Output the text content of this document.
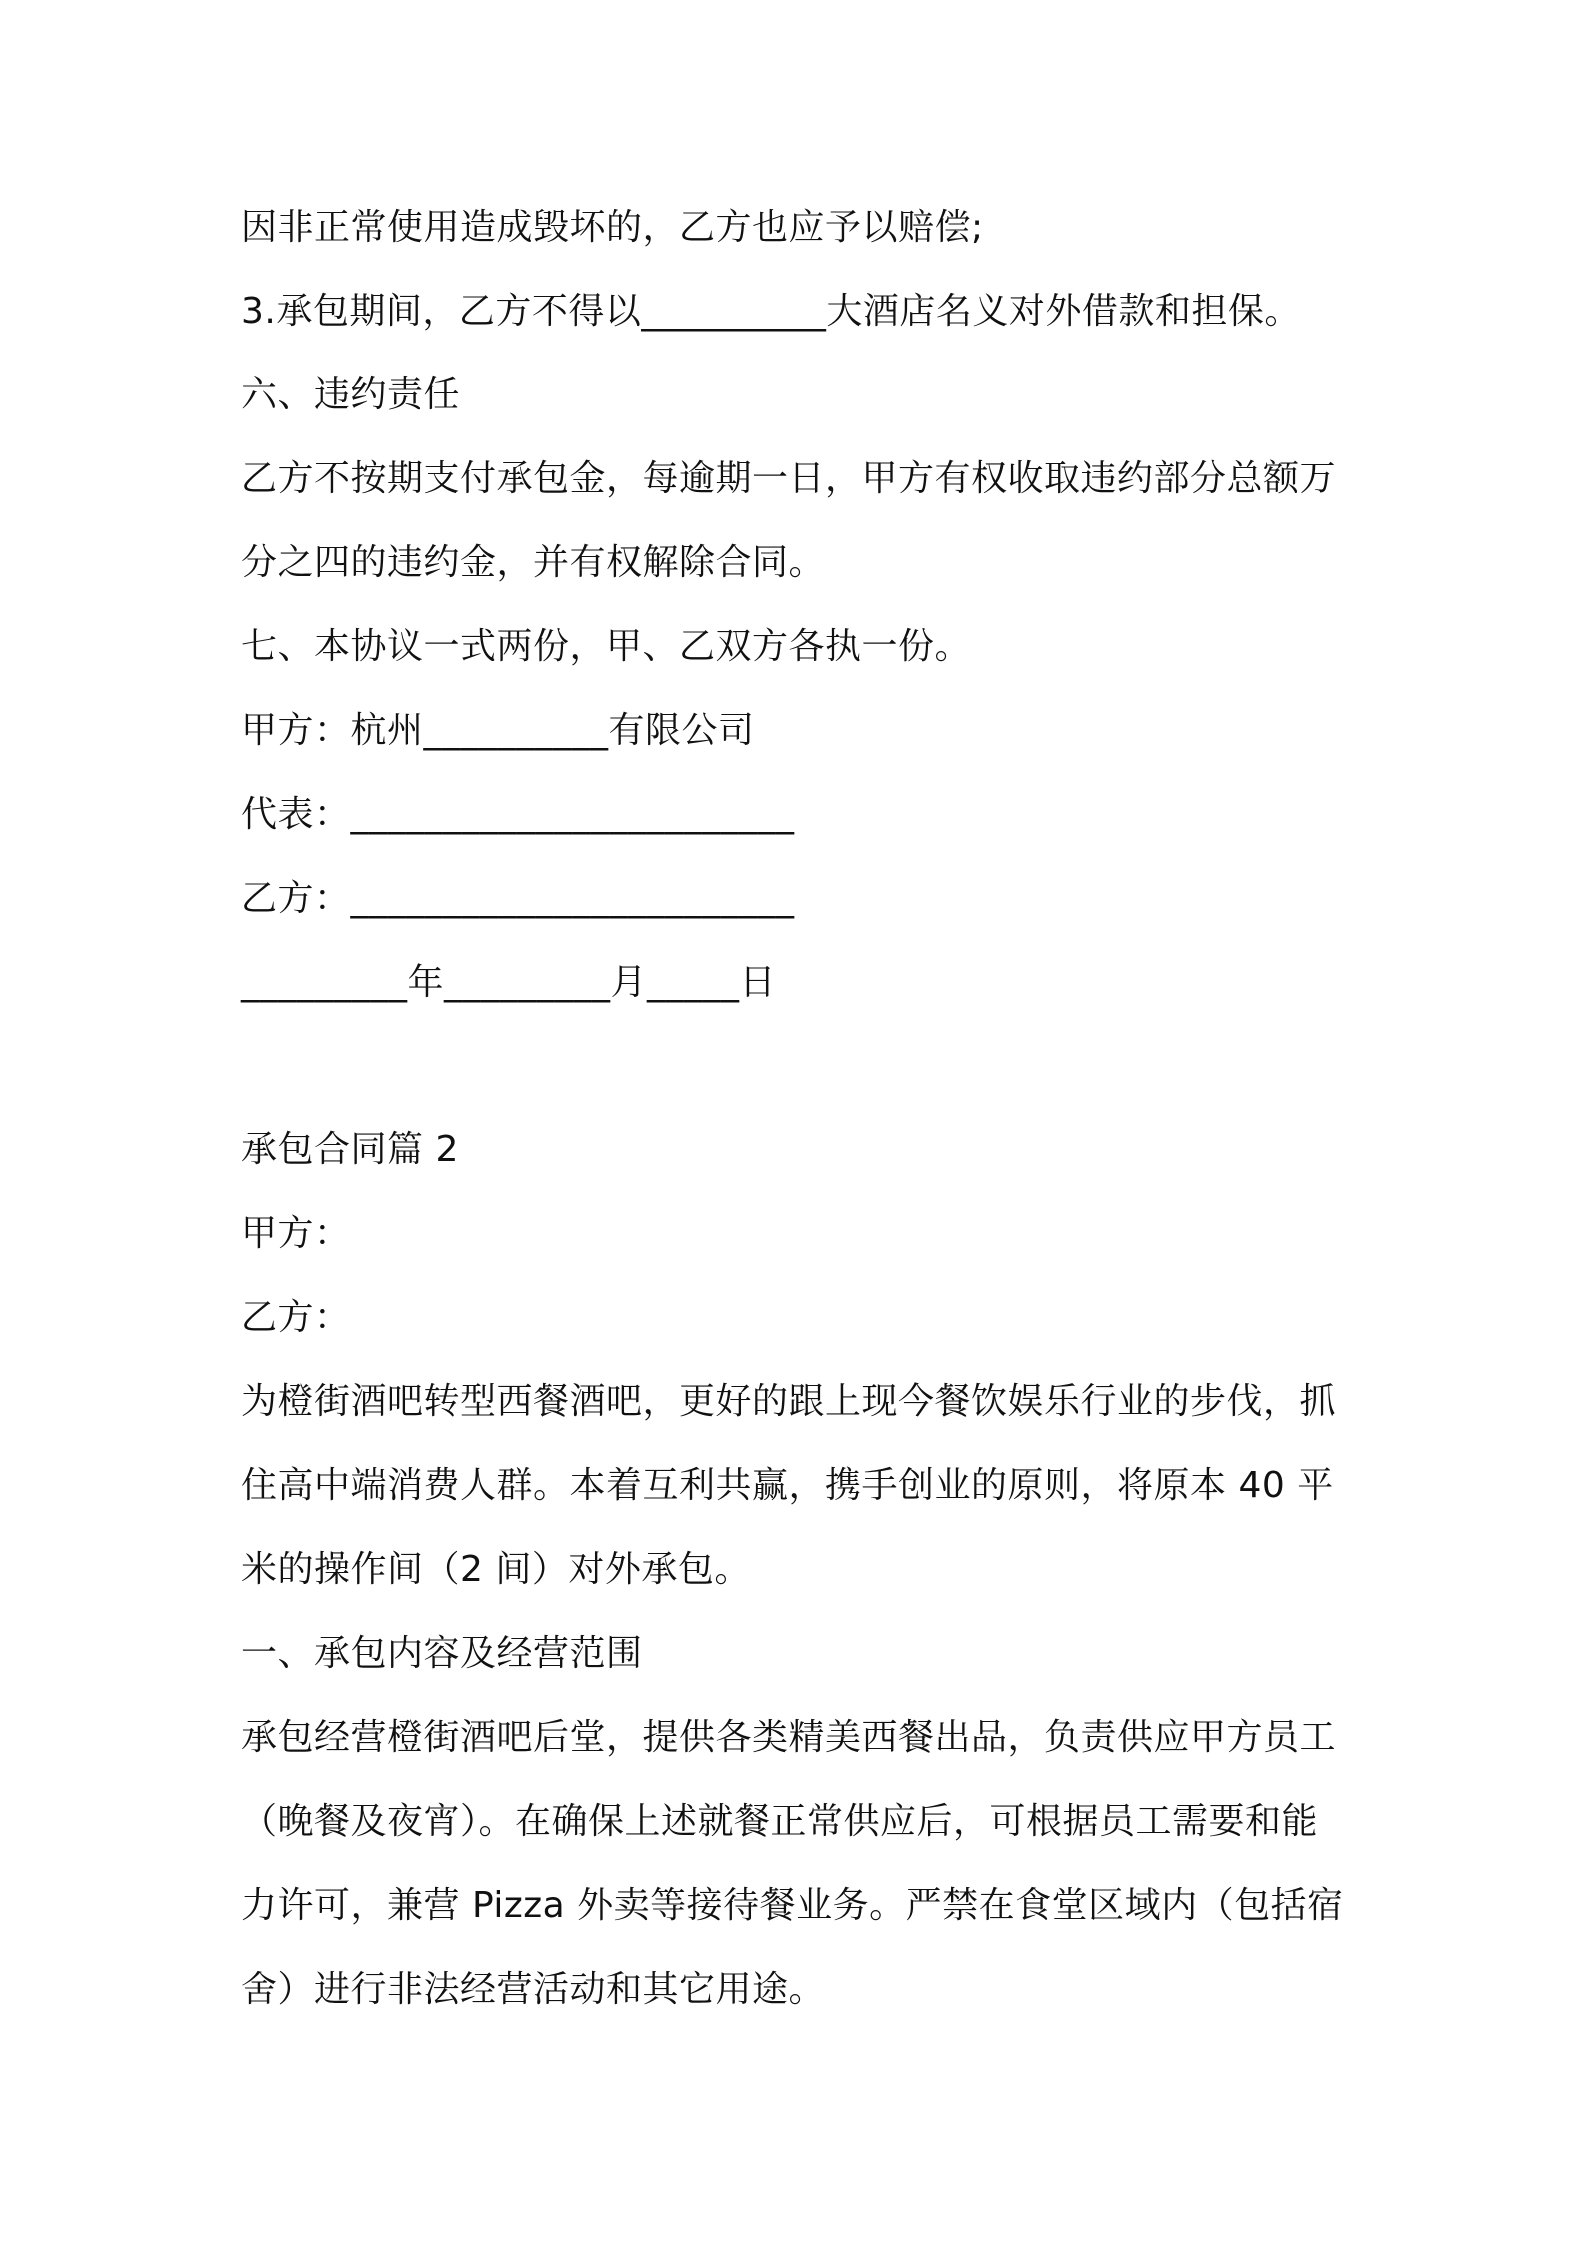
因非正常使用造成毁坏的，乙方也应予以赔偿;
3.承包期间，乙方不得以__________大酒店名义对外借款和担保。
六、违约责任
乙方不按期支付承包金，每逾期一日，甲方有权收取违约部分总额万
分之四的违约金，并有权解除合同。
七、本协议一式两份，甲、乙双方各执一份。
甲方：杭州__________有限公司
代表：________________________
乙方：________________________
_________年_________月_____日
承包合同篇 2
甲方：
乙方：
为橙街酒吧转型西餐酒吧，更好的跟上现今餐饮娱乐行业的步伐，抓
住高中端消费人群。本着互利共赢，携手创业的原则，将原本 40 平
米的操作间（2 间）对外承包。
一、承包内容及经营范围
承包经营橙街酒吧后堂，提供各类精美西餐出品，负责供应甲方员工
（晚餐及夜宵）。在确保上述就餐正常供应后，可根据员工需要和能
力许可，兼营 Pizza 外卖等接待餐业务。严禁在食堂区域内（包括宿
舍）进行非法经营活动和其它用途。
